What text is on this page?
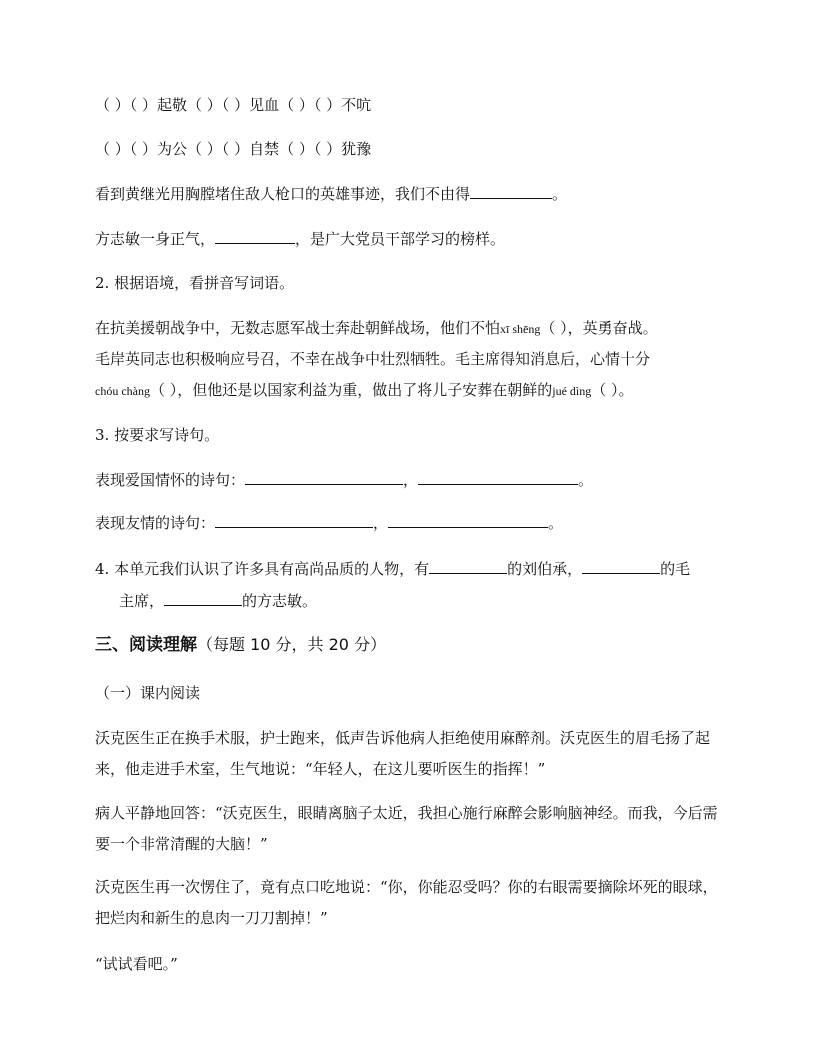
（ ）（ ）起敬（ ）（ ）见血（ ）（ ）不吭
（ ）（ ）为公（ ）（ ）自禁（ ）（ ）犹豫
看到黄继光用胸膛堵住敌人枪口的英雄事迹，我们不由得	。
方志敏一身正气，	，是广大党员干部学习的榜样。
2. 根据语境，看拼音写词语。
在抗美援朝战争中，无数志愿军战士奔赴朝鲜战场，他们不怕xī shēng（ ），英勇奋战。
毛岸英同志也积极响应号召，不幸在战争中壮烈牺牲。毛主席得知消息后，心情十分
chóu chàng（ ），但他还是以国家利益为重，做出了将儿子安葬在朝鲜的jué dìng（ ）。
3. 按要求写诗句。
表现爱国情怀的诗句：	，	。
表现友情的诗句：	，	。
4. 本单元我们认识了许多具有高尚品质的人物，有	的刘伯承，	的毛
主席，	的方志敏。
三、阅读理解（每题 10 分，共 20 分）
（一）课内阅读
沃克医生正在换手术服，护士跑来，低声告诉他病人拒绝使用麻醉剂。沃克医生的眉毛扬了起来，他走进手术室，生气地说：“年轻人，在这儿要听医生的指挥！”
病人平静地回答：“沃克医生，眼睛离脑子太近，我担心施行麻醉会影响脑神经。而我，今后需要一个非常清醒的大脑！”
沃克医生再一次愣住了，竟有点口吃地说：“你，你能忍受吗？你的右眼需要摘除坏死的眼球，把烂肉和新生的息肉一刀刀割掉！”
“试试看吧。”
